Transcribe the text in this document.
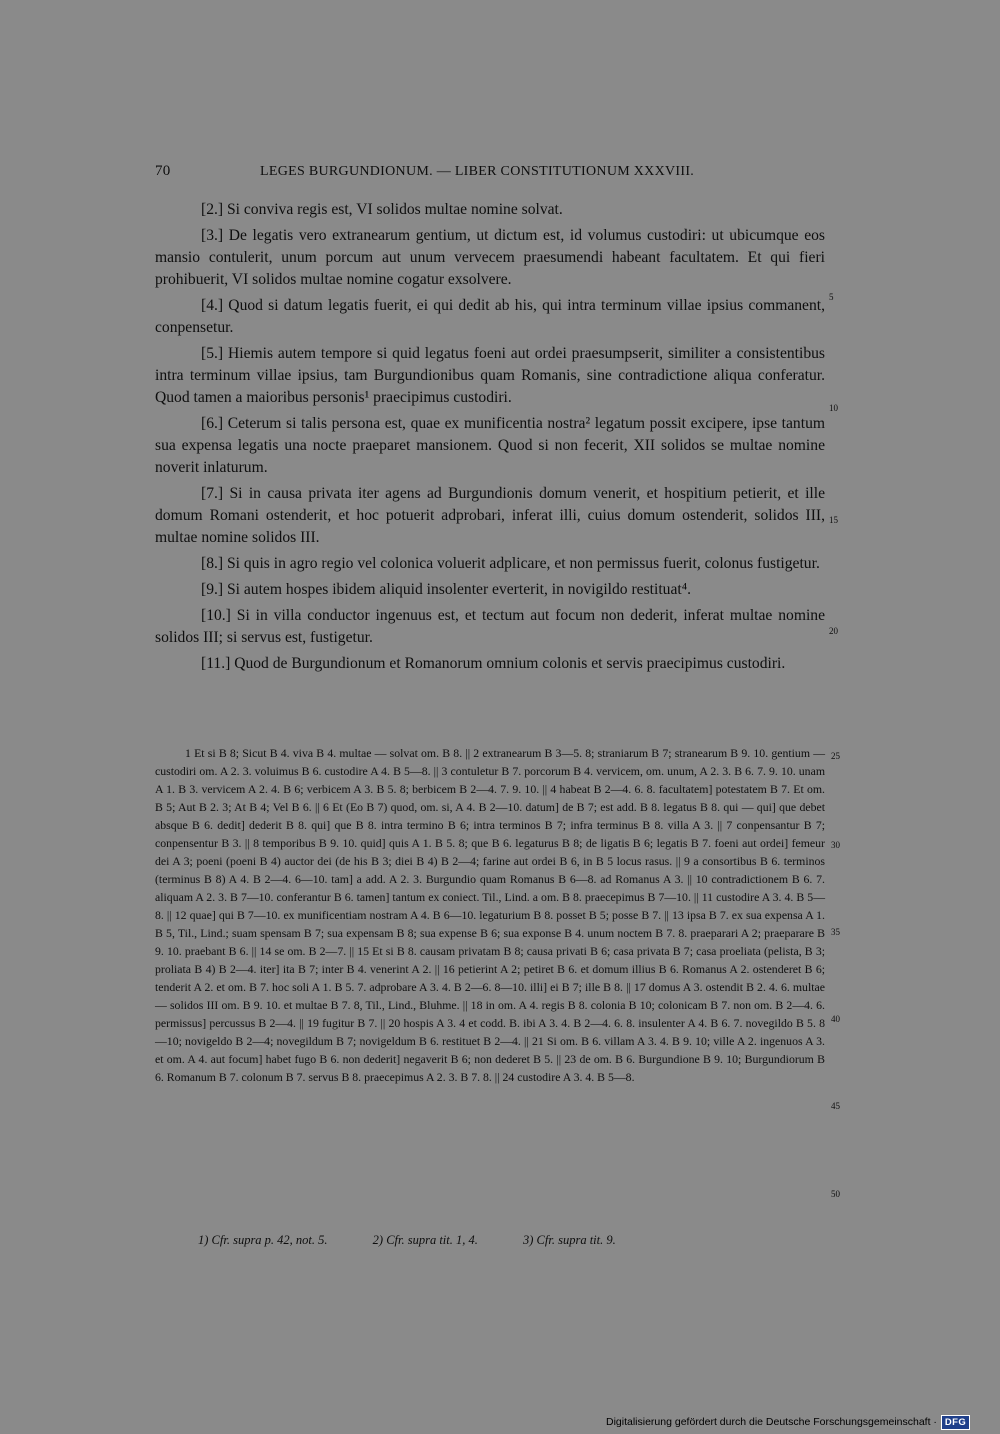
70	LEGES BURGUNDIONUM. — LIBER CONSTITUTIONUM XXXVIII.

[2.] Si conviva regis est, VI solidos multae nomine solvat.

[3.] De legatis vero extranearum gentium, ut dictum est, id volumus custodiri: ut ubicumque eos mansio contulerit, unum porcum aut unum vervecem praesumendi habeant facultatem. Et qui fieri prohibuerit, VI solidos multae nomine cogatur exsolvere.

[4.] Quod si datum legatis fuerit, ei qui dedit ab his, qui intra terminum villae ipsius commanent, conpensetur.

[5.] Hiemis autem tempore si quid legatus foeni aut ordei praesumpserit, similiter a consistentibus intra terminum villae ipsius, tam Burgundionibus quam Romanis, sine contradictione aliqua conferatur. Quod tamen a maioribus personis¹ praecipimus custodiri.

[6.] Ceterum si talis persona est, quae ex munificentia nostra² legatum possit excipere, ipse tantum sua expensa legatis una nocte praeparet mansionem. Quod si non fecerit, XII solidos se multae nomine noverit inlaturum.

[7.] Si in causa privata iter agens ad Burgundionis domum venerit, et hospitium petierit, et ille domum Romani ostenderit, et hoc potuerit adprobari, inferat illi, cuius domum ostenderit, solidos III, multae nomine solidos III.

[8.] Si quis in agro regio vel colonica voluerit adplicare, et non permissus fuerit, colonus fustigetur.

[9.] Si autem hospes ibidem aliquid insolenter everterit, in novigildo restituat⁴.

[10.] Si in villa conductor ingenuus est, et tectum aut focum non dederit, inferat multae nomine solidos III; si servus est, fustigetur.

[11.] Quod de Burgundionum et Romanorum omnium colonis et servis praecipimus custodiri.

5
10
15
20

1 Et si B 8; Sicut B 4. viva B 4. multae — solvat om. B 8. || 2 extranearum B 3—5. 8; straniarum B 7; stranearum B 9. 10. gentium — custodiri om. A 2. 3. voluimus B 6. custodire A 4. B 5—8. || 3 contuletur B 7. porcorum B 4. vervicem, om. unum, A 2. 3. B 6. 7. 9. 10. unam A 1. B 3. vervicem A 2. 4. B 6; verbicem A 3. B 5. 8; berbicem B 2—4. 7. 9. 10. || 4 habeat B 2—4. 6. 8. facultatem] potestatem B 7. Et om. B 5; Aut B 2. 3; At B 4; Vel B 6. || 6 Et (Eo B 7) quod, om. si, A 4. B 2—10. datum] de B 7; est add. B 8. legatus B 8. qui — qui] que debet absque B 6. dedit] dederit B 8. qui] que B 8. intra termino B 6; intra terminos B 7; infra terminus B 8. villa A 3. || 7 conpensantur B 7; conpensentur B 3. || 8 temporibus B 9. 10. quid] quis A 1. B 5. 8; que B 6. legaturus B 8; de ligatis B 6; legatis B 7. foeni aut ordei] femeur dei A 3; poeni (poeni B 4) auctor dei (de his B 3; diei B 4) B 2—4; farine aut ordei B 6, in B 5 locus rasus. || 9 a consortibus B 6. terminos (terminus B 8) A 4. B 2—4. 6—10. tam] a add. A 2. 3. Burgundio quam Romanus B 6—8. ad Romanus A 3. || 10 contradictionem B 6. 7. aliquam A 2. 3. B 7—10. conferantur B 6. tamen] tantum ex coniect. Til., Lind. a om. B 8. praecepimus B 7—10. || 11 custodire A 3. 4. B 5—8. || 12 quae] qui B 7—10. ex munificentiam nostram A 4. B 6—10. legaturium B 8. posset B 5; posse B 7. || 13 ipsa B 7. ex sua expensa A 1. B 5, Til., Lind.; suam spensam B 7; sua expensam B 8; sua expense B 6; sua exponse B 4. unum noctem B 7. 8. praeparari A 2; praeparare B 9. 10. praebant B 6. || 14 se om. B 2—7. || 15 Et si B 8. causam privatam B 8; causa privati B 6; casa privata B 7; casa proeliata (pelista, B 3; proliata B 4) B 2—4. iter] ita B 7; inter B 4. venerint A 2. || 16 petierint A 2; petiret B 6. et domum illius B 6. Romanus A 2. ostenderet B 6; tenderit A 2. et om. B 7. hoc soli A 1. B 5. 7. adprobare A 3. 4. B 2—6. 8—10. illi] ei B 7; ille B 8. || 17 domus A 3. ostendit B 2. 4. 6. multae — solidos III om. B 9. 10. et multae B 7. 8, Til., Lind., Bluhme. || 18 in om. A 4. regis B 8. colonia B 10; colonicam B 7. non om. B 2—4. 6. permissus] percussus B 2—4. || 19 fugitur B 7. || 20 hospis A 3. 4 et codd. B. ibi A 3. 4. B 2—4. 6. 8. insulenter A 4. B 6. 7. novegildo B 5. 8—10; novigeldo B 2—4; novegildum B 7; novigeldum B 6. restituet B 2—4. || 21 Si om. B 6. villam A 3. 4. B 9. 10; ville A 2. ingenuos A 3. et om. A 4. aut focum] habet fugo B 6. non dederit] negaverit B 6; non dederet B 5. || 23 de om. B 6. Burgundione B 9. 10; Burgundiorum B 6. Romanum B 7. colonum B 7. servus B 8. praecepimus A 2. 3. B 7. 8. || 24 custodire A 3. 4. B 5—8.

25
30
35
40
45
50
1) Cfr. supra p. 42, not. 5.	2) Cfr. supra tit. 1, 4.	3) Cfr. supra tit. 9.
Digitalisierung gefördert durch die Deutsche Forschungsgemeinschaft · DFG
